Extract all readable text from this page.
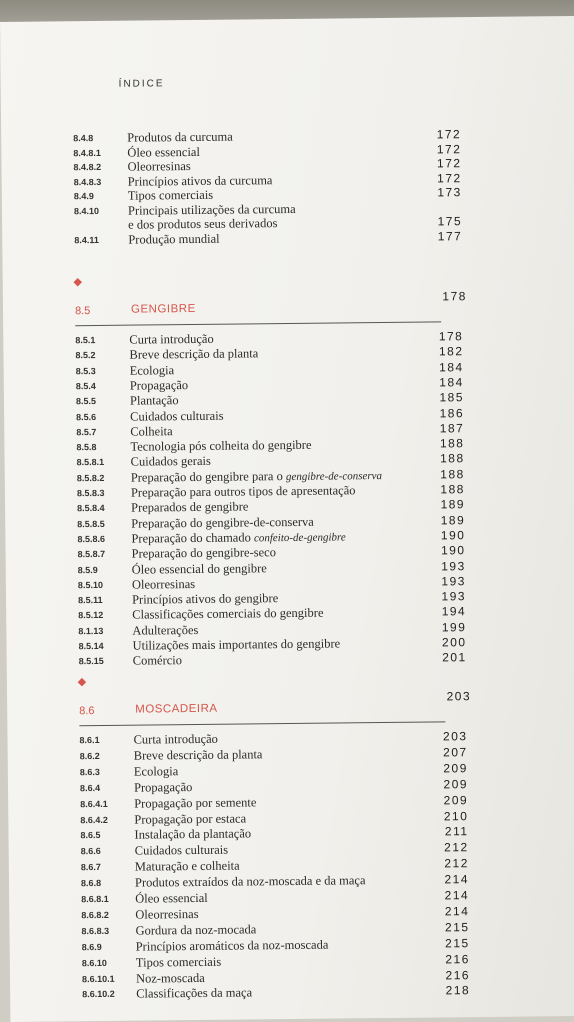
ÍNDICE
8.4.8	Produtos da curcuma	172
8.4.8.1 Óleo essencial	172
8.4.8.2 Oleorresinas	172
8.4.8.3 Princípios ativos da curcuma	172
8.4.9	Tipos comerciais	173
8.4.10 Principais utilizações da curcuma
e dos produtos seus derivados	175
8.4.11 Produção mundial	177
8.5	GENGIBRE
178
8.5.1	Curta introdução	178
8.5.2	Breve descrição da planta	182
8.5.3	Ecologia	184
8.5.4	Propagação	184
8.5.5	Plantação	185
8.5.6	Cuidados culturais	186
8.5.7	Colheita	187
8.5.8	Tecnologia pós colheita do gengibre	188
8.5.8.1 Cuidados gerais	188
8.5.8.2 Preparação do gengibre para o gengibre-de-conserva	188
8.5.8.3 Preparação para outros tipos de apresentação	188
8.5.8.4 Preparados de gengibre	189
8.5.8.5 Preparação do gengibre-de-conserva	189
8.5.8.6 Preparação do chamado confeito-de-gengibre	190
8.5.8.7 Preparação do gengibre-seco	190
8.5.9	Óleo essencial do gengibre	193
8.5.10 Oleorresinas	193
8.5.11 Princípios ativos do gengibre	193
8.5.12 Classificações comerciais do gengibre	194
8.1.13 Adulterações	199
8.5.14 Utilizações mais importantes do gengibre	200
8.5.15 Comércio	201
8.6	MOSCADEIRA
203
8.6.1	Curta introdução	203
8.6.2	Breve descrição da planta	207
8.6.3	Ecologia	209
8.6.4	Propagação	209
8.6.4.1 Propagação por semente	209
8.6.4.2 Propagação por estaca	210
8.6.5	Instalação da plantação	211
8.6.6	Cuidados culturais	212
8.6.7	Maturação e colheita	212
8.6.8	Produtos extraídos da noz-moscada e da maça	214
8.6.8.1 Óleo essencial	214
8.6.8.2 Oleorresinas	214
8.6.8.3 Gordura da noz-mocada	215
8.6.9	Princípios aromáticos da noz-moscada	215
8.6.10 Tipos comerciais	216
8.6.10.1 Noz-moscada	216
8.6.10.2 Classificações da maça	218
